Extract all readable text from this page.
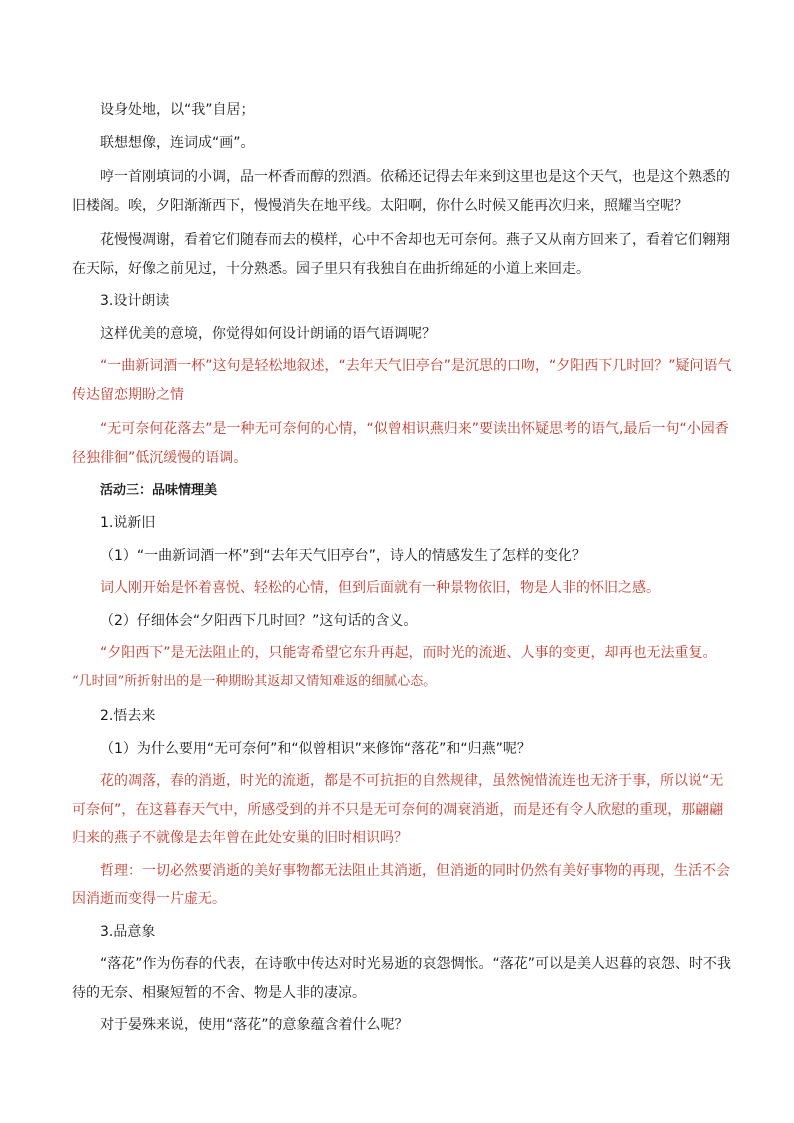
设身处地，以“我”自居；

联想想像，连词成“画”。

哼一首刚填词的小调，品一杯香而醇的烈酒。依稀还记得去年来到这里也是这个天气，也是这个熟悉的旧楼阁。唉，夕阳渐渐西下，慢慢消失在地平线。太阳啊，你什么时候又能再次归来，照耀当空呢？

花慢慢凋谢，看着它们随春而去的模样，心中不舍却也无可奈何。燕子又从南方回来了，看着它们翱翔在天际，好像之前见过，十分熟悉。园子里只有我独自在曲折绵延的小道上来回走。

3.设计朗读

这样优美的意境，你觉得如何设计朗诵的语气语调呢？

“一曲新词酒一杯”这句是轻松地叙述，“去年天气旧亭台”是沉思的口吻，“夕阳西下几时回？”疑问语气传达留恋期盼之情

“无可奈何花落去”是一种无可奈何的心情，“似曾相识燕归来”要读出怀疑思考的语气,最后一句“小园香径独徘徊”低沉缓慢的语调。

活动三：品味情理美

1.说新旧

（1）“一曲新词酒一杯”到“去年天气旧亭台”，诗人的情感发生了怎样的变化？

词人刚开始是怀着喜悦、轻松的心情，但到后面就有一种景物依旧，物是人非的怀旧之感。

（2）仔细体会“夕阳西下几时回？”这句话的含义。

“夕阳西下”是无法阻止的，只能寄希望它东升再起，而时光的流逝、人事的变更，却再也无法重复。

“几时回”所折射出的是一种期盼其返却又情知难返的细腻心态。

2.悟去来

（1）为什么要用“无可奈何”和“似曾相识”来修饰“落花”和“归燕”呢？

花的凋落，春的消逝，时光的流逝，都是不可抗拒的自然规律，虽然惋惜流连也无济于事，所以说“无可奈何”，在这暮春天气中，所感受到的并不只是无可奈何的凋衰消逝，而是还有令人欣慰的重现，那翩翩归来的燕子不就像是去年曾在此处安巢的旧时相识吗？

哲理：一切必然要消逝的美好事物都无法阻止其消逝，但消逝的同时仍然有美好事物的再现，生活不会因消逝而变得一片虚无。

3.品意象

“落花”作为伤春的代表，在诗歌中传达对时光易逝的哀怨惆怅。“落花”可以是美人迟暮的哀怨、时不我待的无奈、相聚短暂的不舍、物是人非的凄凉。

对于晏殊来说，使用“落花”的意象蕴含着什么呢？
